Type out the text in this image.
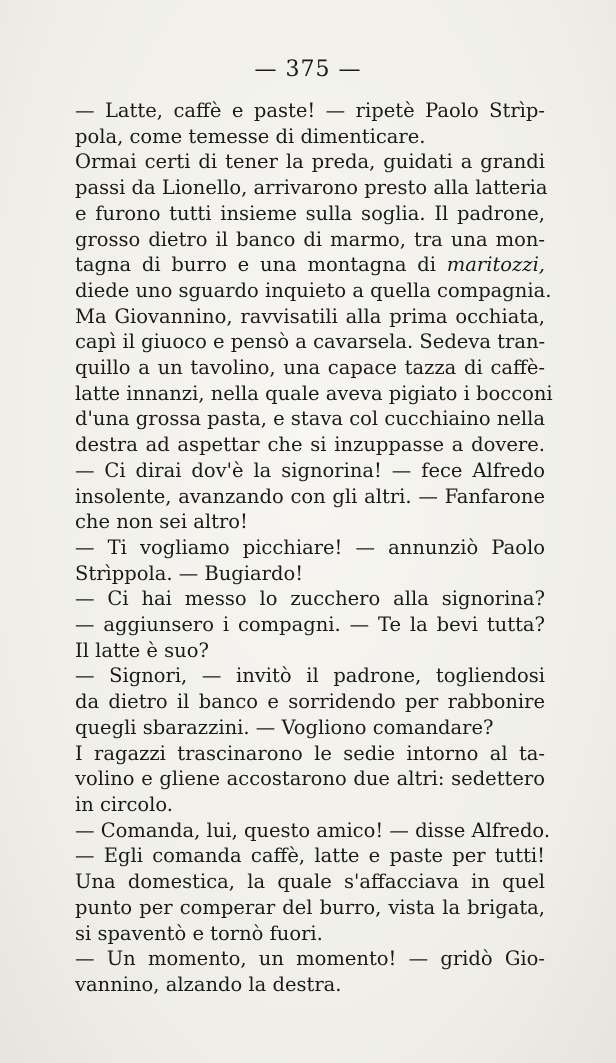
— 375 —
— Latte, caffè e paste! — ripetè Paolo Strìp-
pola, come temesse di dimenticare.
Ormai certi di tener la preda, guidati a grandi
passi da Lionello, arrivarono presto alla latteria
e furono tutti insieme sulla soglia. Il padrone,
grosso dietro il banco di marmo, tra una mon-
tagna di burro e una montagna di maritozzi,
diede uno sguardo inquieto a quella compagnia.
Ma Giovannino, ravvisatili alla prima occhiata,
capì il giuoco e pensò a cavarsela. Sedeva tran-
quillo a un tavolino, una capace tazza di caffè-
latte innanzi, nella quale aveva pigiato i bocconi
d'una grossa pasta, e stava col cucchiaino nella
destra ad aspettar che si inzuppasse a dovere.
— Ci dirai dov'è la signorina! — fece Alfredo
insolente, avanzando con gli altri. — Fanfarone
che non sei altro!
— Ti vogliamo picchiare! — annunziò Paolo
Strìppola. — Bugiardo!
— Ci hai messo lo zucchero alla signorina?
— aggiunsero i compagni. — Te la bevi tutta?
Il latte è suo?
— Signori, — invitò il padrone, togliendosi
da dietro il banco e sorridendo per rabbonire
quegli sbarazzini. — Vogliono comandare?
I ragazzi trascinarono le sedie intorno al ta-
volino e gliene accostarono due altri: sedettero
in circolo.
— Comanda, lui, questo amico! — disse Alfredo.
— Egli comanda caffè, latte e paste per tutti!
Una domestica, la quale s'affacciava in quel
punto per comperar del burro, vista la brigata,
si spaventò e tornò fuori.
— Un momento, un momento! — gridò Gio-
vannino, alzando la destra.
